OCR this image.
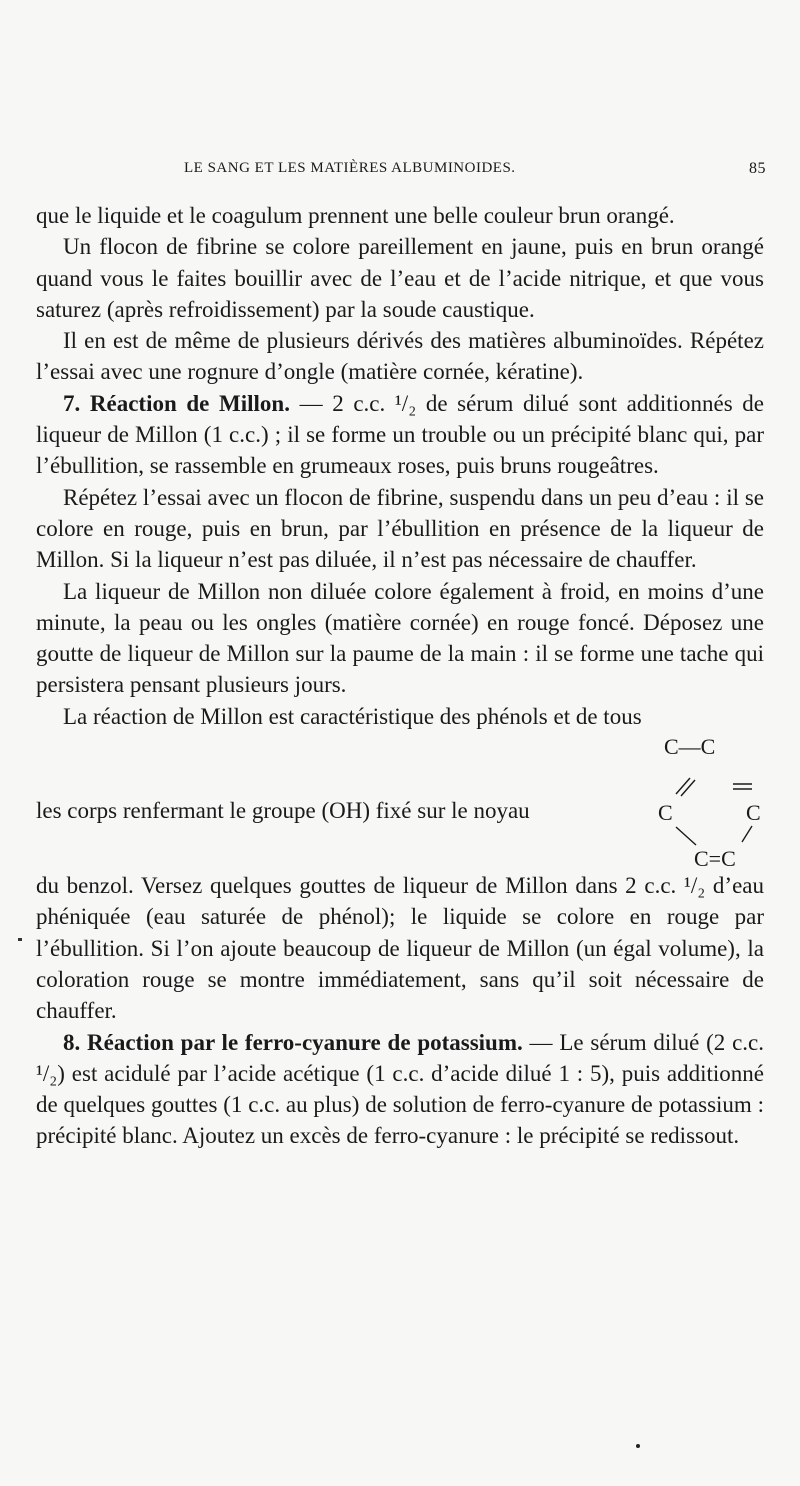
LE SANG ET LES MATIÈRES ALBUMINOIDES.	85

que le liquide et le coagulum prennent une belle couleur brun orangé.

Un flocon de fibrine se colore pareillement en jaune, puis en brun orangé quand vous le faites bouillir avec de l’eau et de l’acide nitrique, et que vous saturez (après refroidissement) par la soude caustique.

Il en est de même de plusieurs dérivés des matières albuminoïdes. Répétez l’essai avec une rognure d’ongle (matière cornée, kératine).

7. Réaction de Millon. — 2 c.c. ¹/₂ de sérum dilué sont additionnés de liqueur de Millon (1 c.c.) ; il se forme un trouble ou un précipité blanc qui, par l’ébullition, se rassemble en grumeaux roses, puis bruns rougeâtres.

Répétez l’essai avec un flocon de fibrine, suspendu dans un peu d’eau : il se colore en rouge, puis en brun, par l’ébullition en présence de la liqueur de Millon. Si la liqueur n’est pas diluée, il n’est pas nécessaire de chauffer.

La liqueur de Millon non diluée colore également à froid, en moins d’une minute, la peau ou les ongles (matière cornée) en rouge foncé. Déposez une goutte de liqueur de Millon sur la paume de la main : il se forme une tache qui persistera pensant plusieurs jours.

La réaction de Millon est caractéristique des phénols et de tous

les corps renfermant le groupe (OH) fixé sur le noyau
C—C
C	C
C=C

du benzol. Versez quelques gouttes de liqueur de Millon dans 2 c.c. ¹/₂ d’eau phéniquée (eau saturée de phénol); le liquide se colore en rouge par l’ébullition. Si l’on ajoute beaucoup de liqueur de Millon (un égal volume), la coloration rouge se montre immédiatement, sans qu’il soit nécessaire de chauffer.

8. Réaction par le ferro-cyanure de potassium. — Le sérum dilué (2 c.c. ¹/₂) est acidulé par l’acide acétique (1 c.c. d’acide dilué 1 : 5), puis additionné de quelques gouttes (1 c.c. au plus) de solution de ferro-cyanure de potassium : précipité blanc. Ajoutez un excès de ferro-cyanure : le précipité se redissout.
